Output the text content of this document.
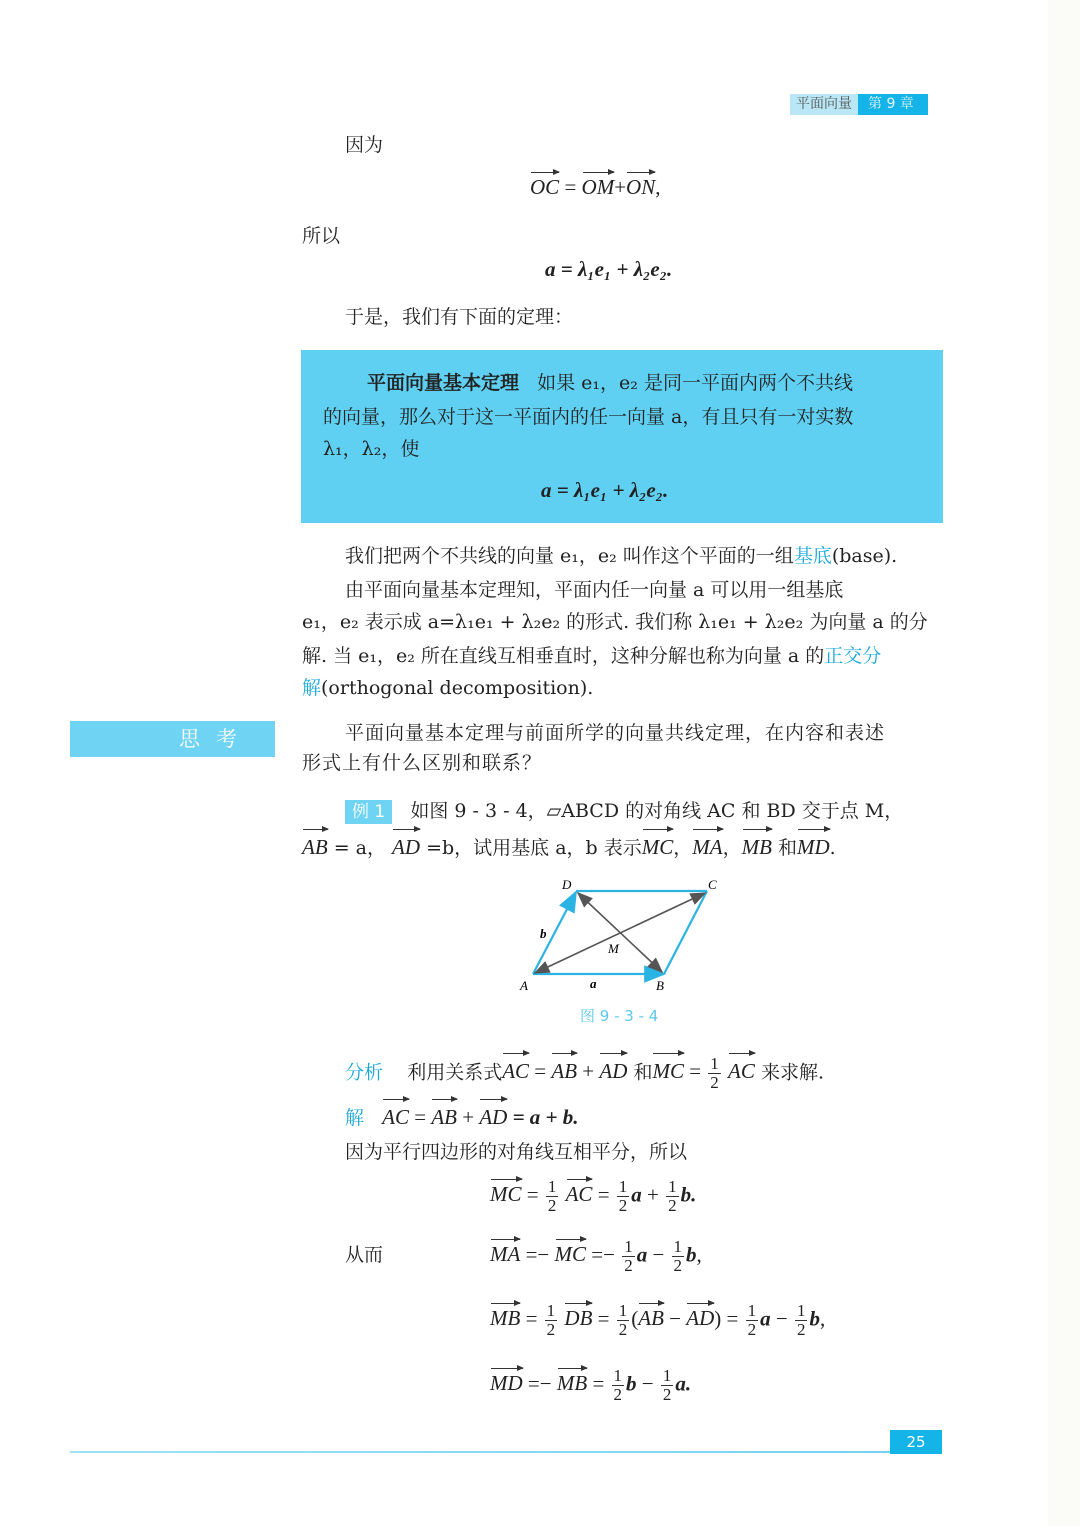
平面向量	第 9 章
因为
OC = OM+ON,
所以
a = λ₁e₁ + λ₂e₂.
于是，我们有下面的定理：
平面向量基本定理 如果 e₁，e₂ 是同一平面内两个不共线
的向量，那么对于这一平面内的任一向量 a，有且只有一对实数
λ₁，λ₂，使
a = λ₁e₁ + λ₂e₂.
我们把两个不共线的向量 e₁，e₂ 叫作这个平面的一组基底(base).
由平面向量基本定理知，平面内任一向量 a 可以用一组基底
e₁，e₂ 表示成 a=λ₁e₁ + λ₂e₂ 的形式. 我们称 λ₁e₁ + λ₂e₂ 为向量 a 的分
解. 当 e₁，e₂ 所在直线互相垂直时，这种分解也称为向量 a 的正交分
解(orthogonal decomposition).
思考	平面向量基本定理与前面所学的向量共线定理，在内容和表述
形式上有什么区别和联系？
例 1 如图 9 - 3 - 4，▱ABCD 的对角线 AC 和 BD 交于点 M，
AB = a， AD =b，试用基底 a，b 表示MC，MA，MB 和MD.
D	C
A	B
M
a
b
图 9 - 3 - 4
分析 利用关系式AC = AB + AD 和MC = $\frac{1}{2}$ AC 来求解.
解 AC = AB + AD = a + b.
因为平行四边形的对角线互相平分，所以
MC = $\frac{1}{2}$ AC = $\frac{1}{2}$ $a + \frac{1}{2} b$.
从而	MA =− MC =− $\frac{1}{2}$ $a - \frac{1}{2} b$,
MB = $\frac{1}{2}$ DB = $\frac{1}{2} (AB - AD) = \frac{1}{2}$ $a - \frac{1}{2} b$,
MD =− MB = $\frac{1}{2}$ $b - \frac{1}{2} a$.
25
